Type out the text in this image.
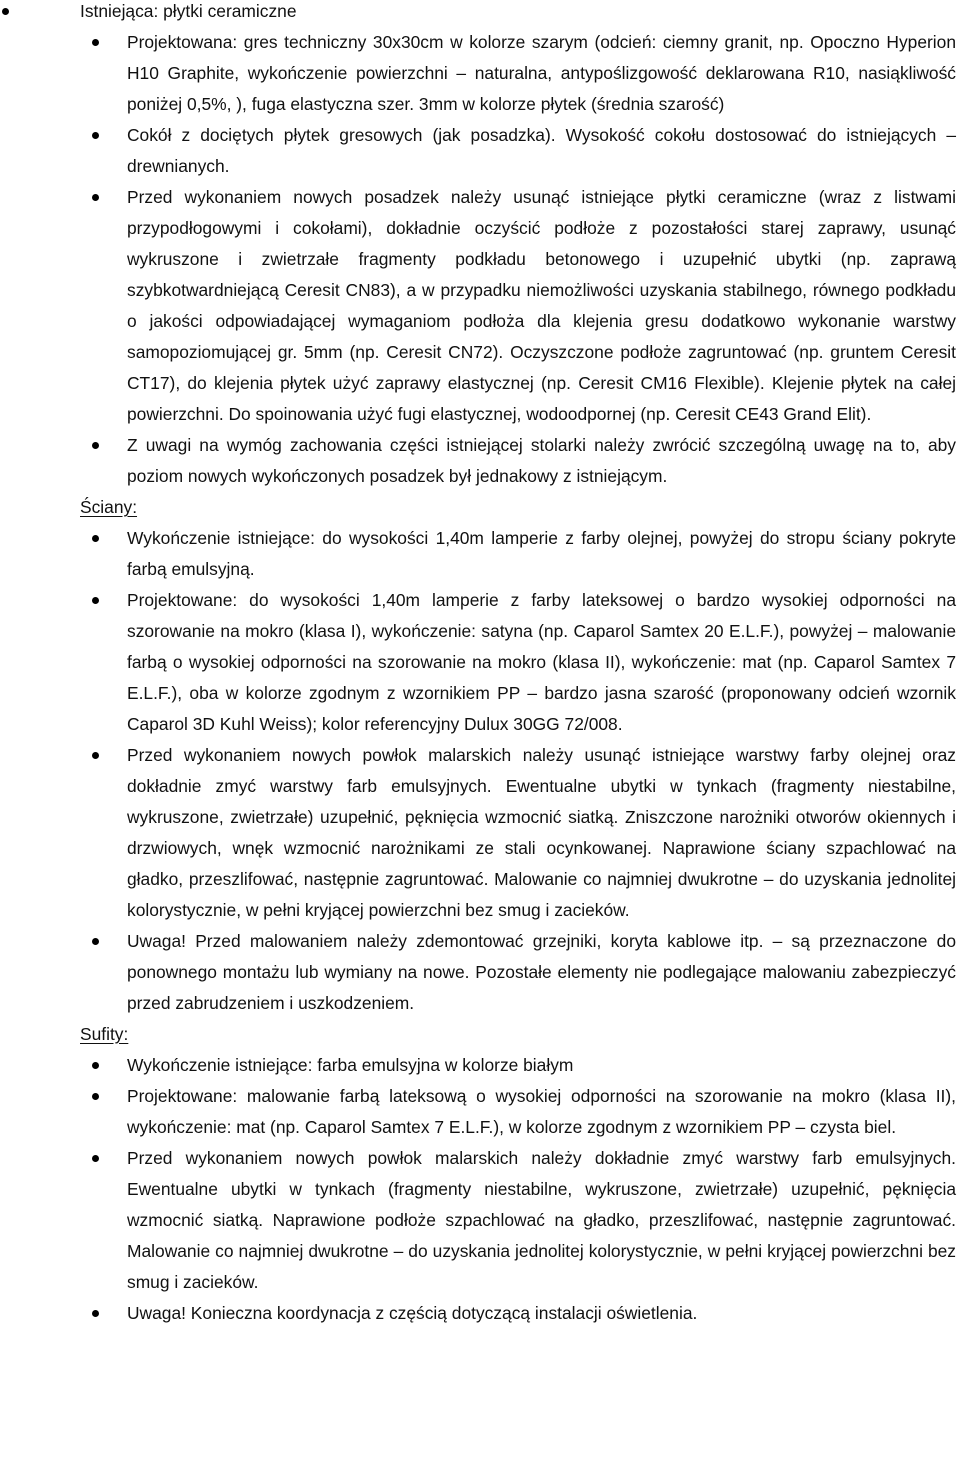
Istniejąca: płytki ceramiczne
Projektowana: gres techniczny 30x30cm w kolorze szarym (odcień: ciemny granit, np. Opoczno Hyperion H10 Graphite, wykończenie powierzchni – naturalna, antypoślizgowość deklarowana R10, nasiąkliwość poniżej 0,5%, ), fuga elastyczna szer. 3mm w kolorze płytek (średnia szarość)
Cokół z dociętych płytek gresowych (jak posadzka). Wysokość cokołu dostosować do istniejących – drewnianych.
Przed wykonaniem nowych posadzek należy usunąć istniejące płytki ceramiczne (wraz z listwami przypodłogowymi i cokołami), dokładnie oczyścić podłoże z pozostałości starej zaprawy, usunąć wykruszone i zwietrzałe fragmenty podkładu betonowego i uzupełnić ubytki (np. zaprawą szybkotwardniejącą Ceresit CN83), a w przypadku niemożliwości uzyskania stabilnego, równego podkładu o jakości odpowiadającej wymaganiom podłoża dla klejenia gresu dodatkowo wykonanie warstwy samopoziomującej gr. 5mm (np. Ceresit CN72). Oczyszczone podłoże zagruntować (np. gruntem Ceresit CT17), do klejenia płytek użyć zaprawy elastycznej (np. Ceresit CM16 Flexible). Klejenie płytek na całej powierzchni. Do spoinowania użyć fugi elastycznej, wodoodpornej (np. Ceresit CE43 Grand Elit).
Z uwagi na wymóg zachowania części istniejącej stolarki należy zwrócić szczególną uwagę na to, aby poziom nowych wykończonych posadzek był jednakowy z istniejącym.
Ściany:
Wykończenie istniejące: do wysokości 1,40m lamperie z farby olejnej, powyżej do stropu ściany pokryte farbą emulsyjną.
Projektowane: do wysokości 1,40m lamperie z farby lateksowej o bardzo wysokiej odporności na szorowanie na mokro (klasa I), wykończenie: satyna (np. Caparol Samtex 20 E.L.F.), powyżej – malowanie farbą o wysokiej odporności na szorowanie na mokro (klasa II), wykończenie: mat (np. Caparol Samtex 7 E.L.F.), oba w kolorze zgodnym z wzornikiem PP – bardzo jasna szarość (proponowany odcień wzornik Caparol 3D Kuhl Weiss); kolor referencyjny Dulux 30GG 72/008.
Przed wykonaniem nowych powłok malarskich należy usunąć istniejące warstwy farby olejnej oraz dokładnie zmyć warstwy farb emulsyjnych. Ewentualne ubytki w tynkach (fragmenty niestabilne, wykruszone, zwietrzałe) uzupełnić, pęknięcia wzmocnić siatką. Zniszczone narożniki otworów okiennych i drzwiowych, wnęk wzmocnić narożnikami ze stali ocynkowanej. Naprawione ściany szpachlować na gładko, przeszlifować, następnie zagruntować. Malowanie co najmniej dwukrotne – do uzyskania jednolitej kolorystycznie, w pełni kryjącej powierzchni bez smug i zacieków.
Uwaga! Przed malowaniem należy zdemontować grzejniki, koryta kablowe itp. – są przeznaczone do ponownego montażu lub wymiany na nowe. Pozostałe elementy nie podlegające malowaniu zabezpieczyć przed zabrudzeniem i uszkodzeniem.
Sufity:
Wykończenie istniejące: farba emulsyjna w kolorze białym
Projektowane: malowanie farbą lateksową o wysokiej odporności na szorowanie na mokro (klasa II), wykończenie: mat (np. Caparol Samtex 7 E.L.F.), w kolorze zgodnym z wzornikiem PP – czysta biel.
Przed wykonaniem nowych powłok malarskich należy dokładnie zmyć warstwy farb emulsyjnych. Ewentualne ubytki w tynkach (fragmenty niestabilne, wykruszone, zwietrzałe) uzupełnić, pęknięcia wzmocnić siatką. Naprawione podłoże szpachlować na gładko, przeszlifować, następnie zagruntować. Malowanie co najmniej dwukrotne – do uzyskania jednolitej kolorystycznie, w pełni kryjącej powierzchni bez smug i zacieków.
Uwaga! Konieczna koordynacja z częścią dotyczącą instalacji oświetlenia.
